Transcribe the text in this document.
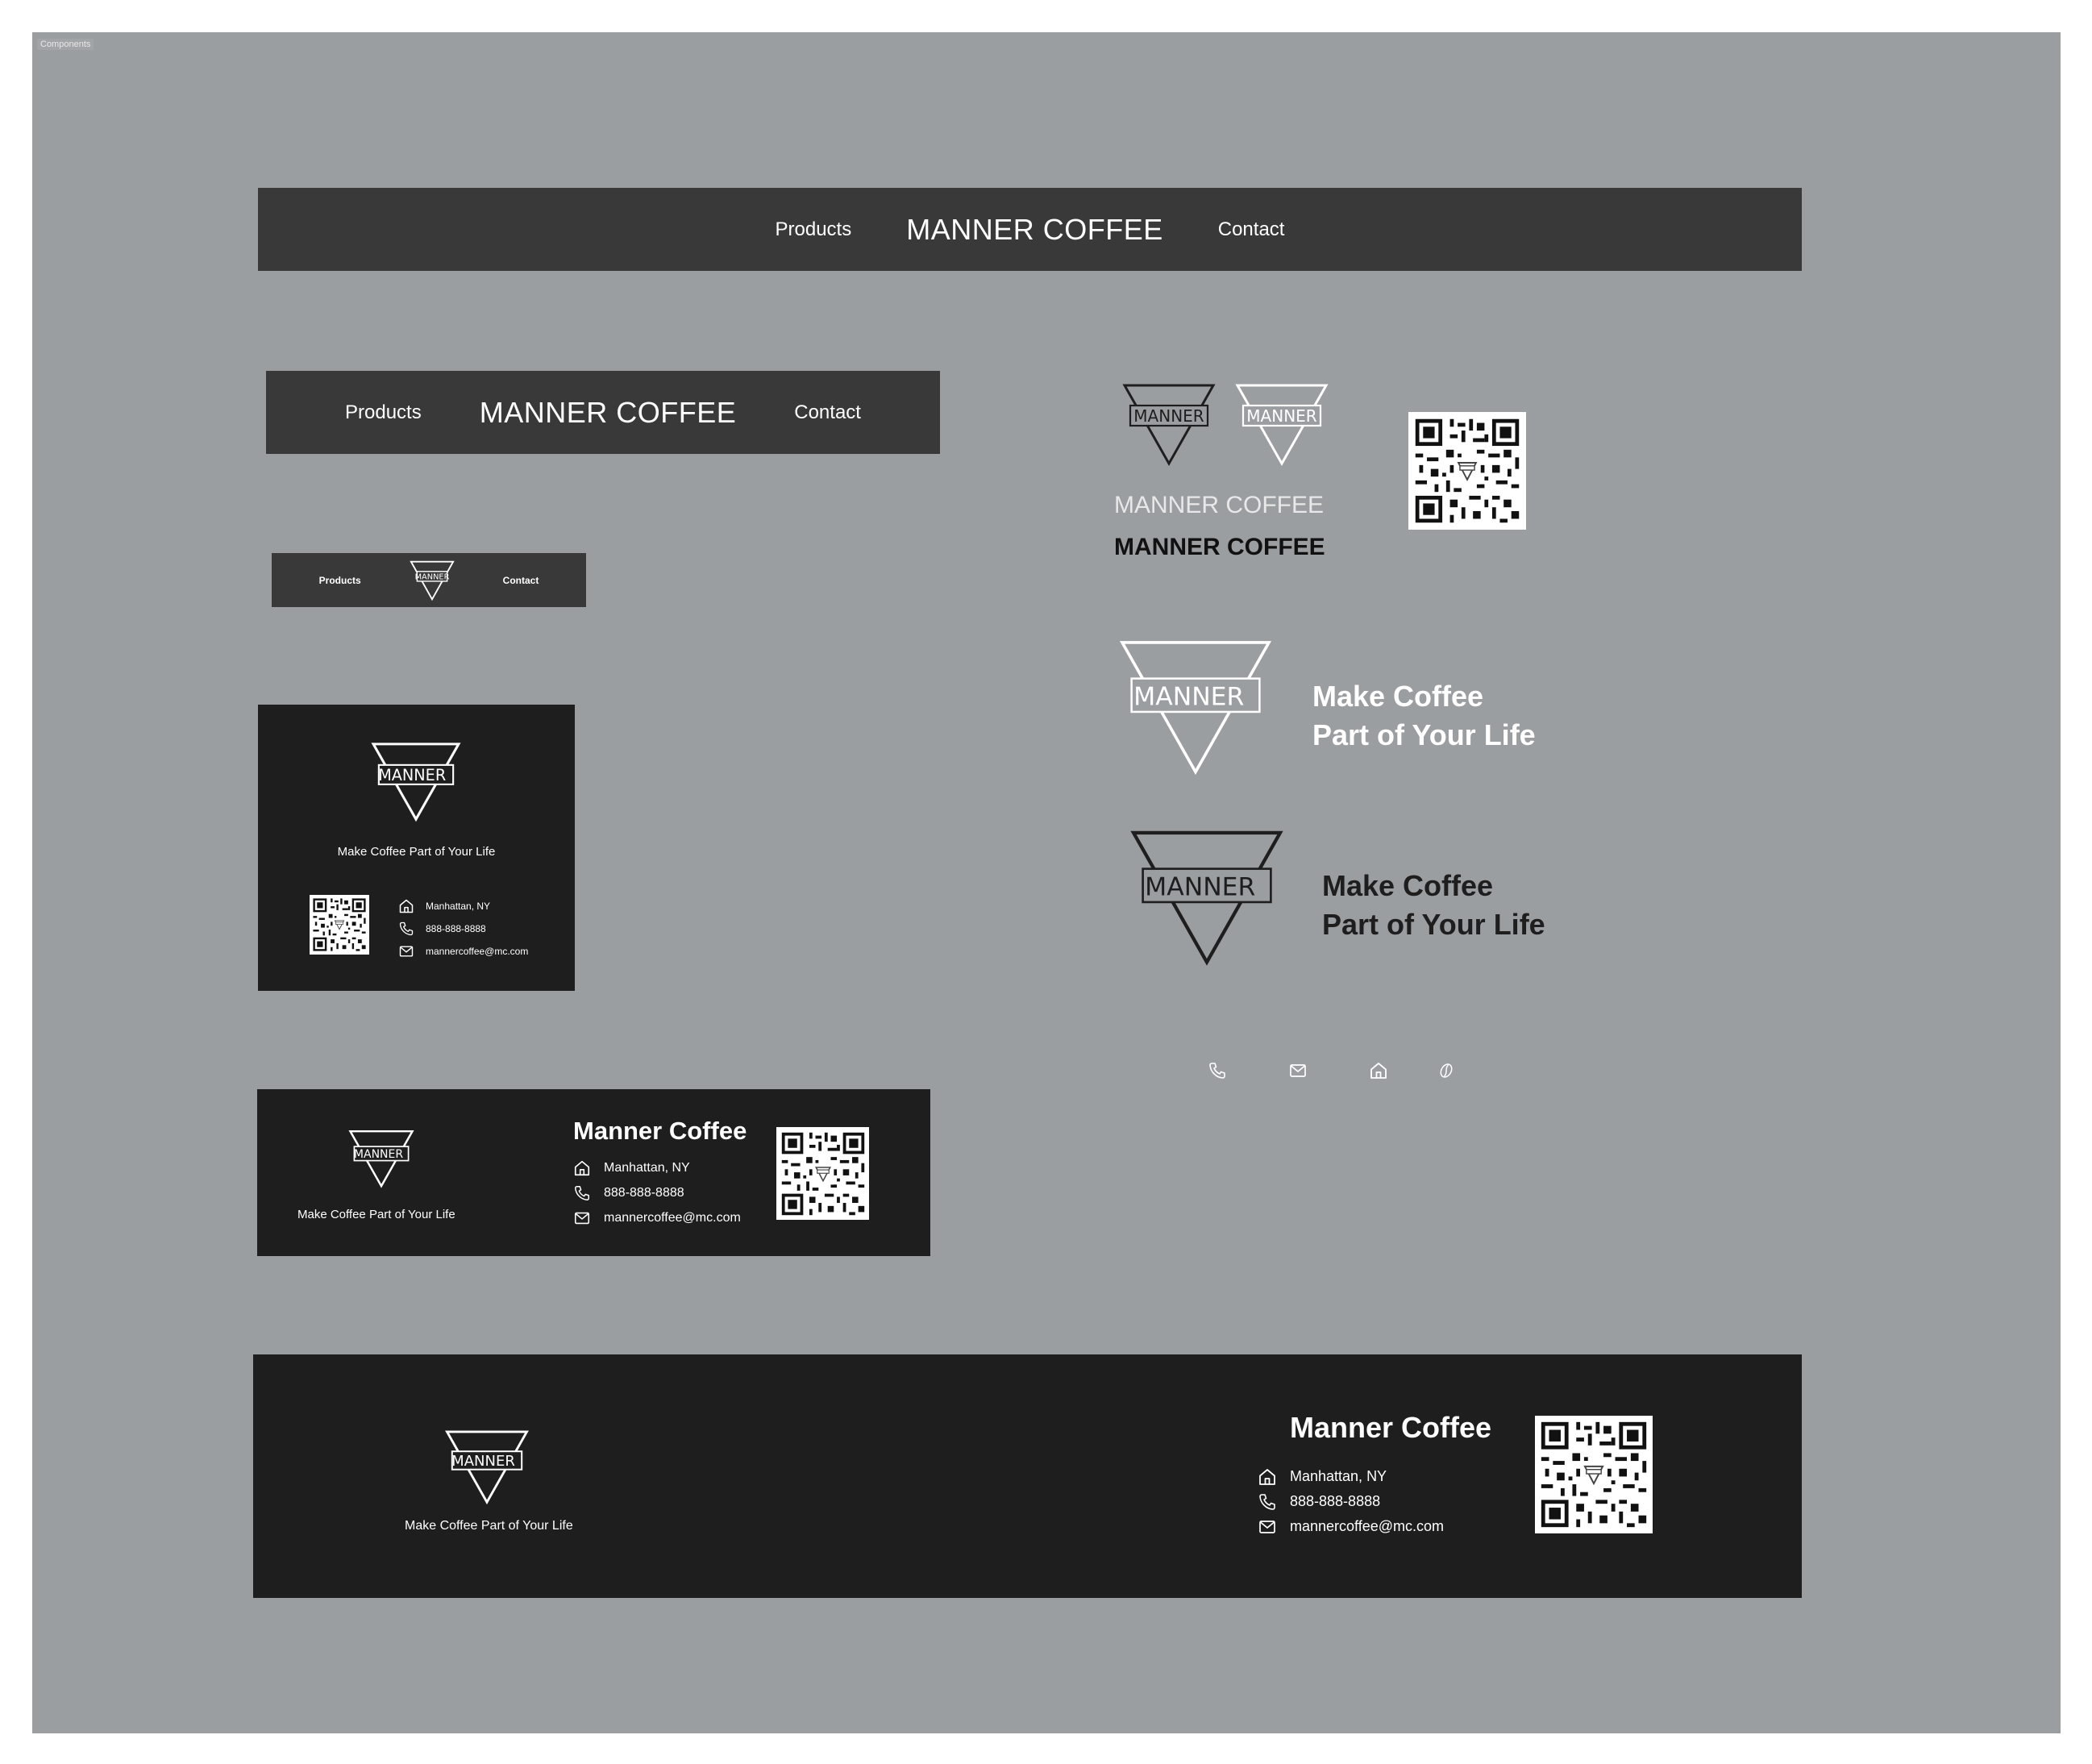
Components
Products MANNER COFFEE	Contact
Products MANNER COFFEE	Contact
Products	MANNER	Contact
MANNER	MANNER
MANNER COFFEE
MANNER COFFEE
MANNER
Make Coffee Part of Your Life
Manhattan, NY
888-888-8888
mannercoffee@mc.com
MANNER Make Coffee
Part of Your Life
MANNER Make Coffee
Part of Your Life
MANNER
Make Coffee Part of Your Life
Manner Coffee
Manhattan, NY
888-888-8888
mannercoffee@mc.com
MANNER
Make Coffee Part of Your Life
Manner Coffee
Manhattan, NY
888-888-8888
mannercoffee@mc.com
